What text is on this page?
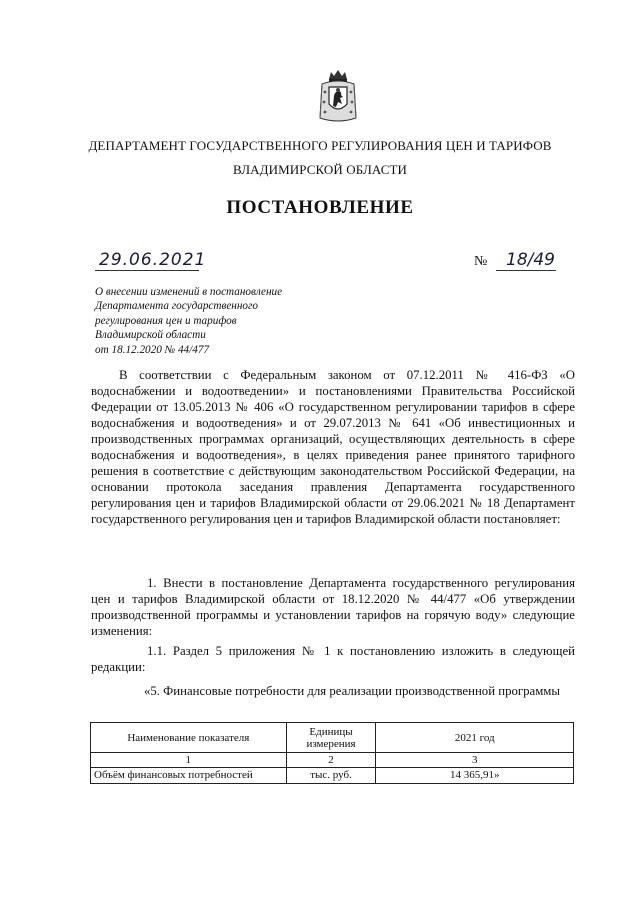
ДЕПАРТАМЕНТ ГОСУДАРСТВЕННОГО РЕГУЛИРОВАНИЯ ЦЕН И ТАРИФОВ
ВЛАДИМИРСКОЙ ОБЛАСТИ
ПОСТАНОВЛЕНИЕ
29.06.2021	№ 18/49
О внесении изменений в постановление
Департамента государственного
регулирования цен и тарифов
Владимирской области
от 18.12.2020 № 44/477
В соответствии с Федеральным законом от 07.12.2011 № 416-ФЗ «О водоснабжении и водоотведении» и постановлениями Правительства Российской Федерации от 13.05.2013 № 406 «О государственном регулировании тарифов в сфере водоснабжения и водоотведения» и от 29.07.2013 № 641 «Об инвестиционных и производственных программах организаций, осуществляющих деятельность в сфере водоснабжения и водоотведения», в целях приведения ранее принятого тарифного решения в соответствие с действующим законодательством Российской Федерации, на основании протокола заседания правления Департамента государственного регулирования цен и тарифов Владимирской области от 29.06.2021 № 18 Департамент государственного регулирования цен и тарифов Владимирской области постановляет:
1. Внести в постановление Департамента государственного регулирования цен и тарифов Владимирской области от 18.12.2020 № 44/477 «Об утверждении производственной программы и установлении тарифов на горячую воду» следующие изменения:
1.1. Раздел 5 приложения № 1 к постановлению изложить в следующей редакции:
«5. Финансовые потребности для реализации производственной программы
Наименование показателя	Единицы измерения	2021 год
1	2	3
Объём финансовых потребностей	тыс. руб.	14 365,91»
